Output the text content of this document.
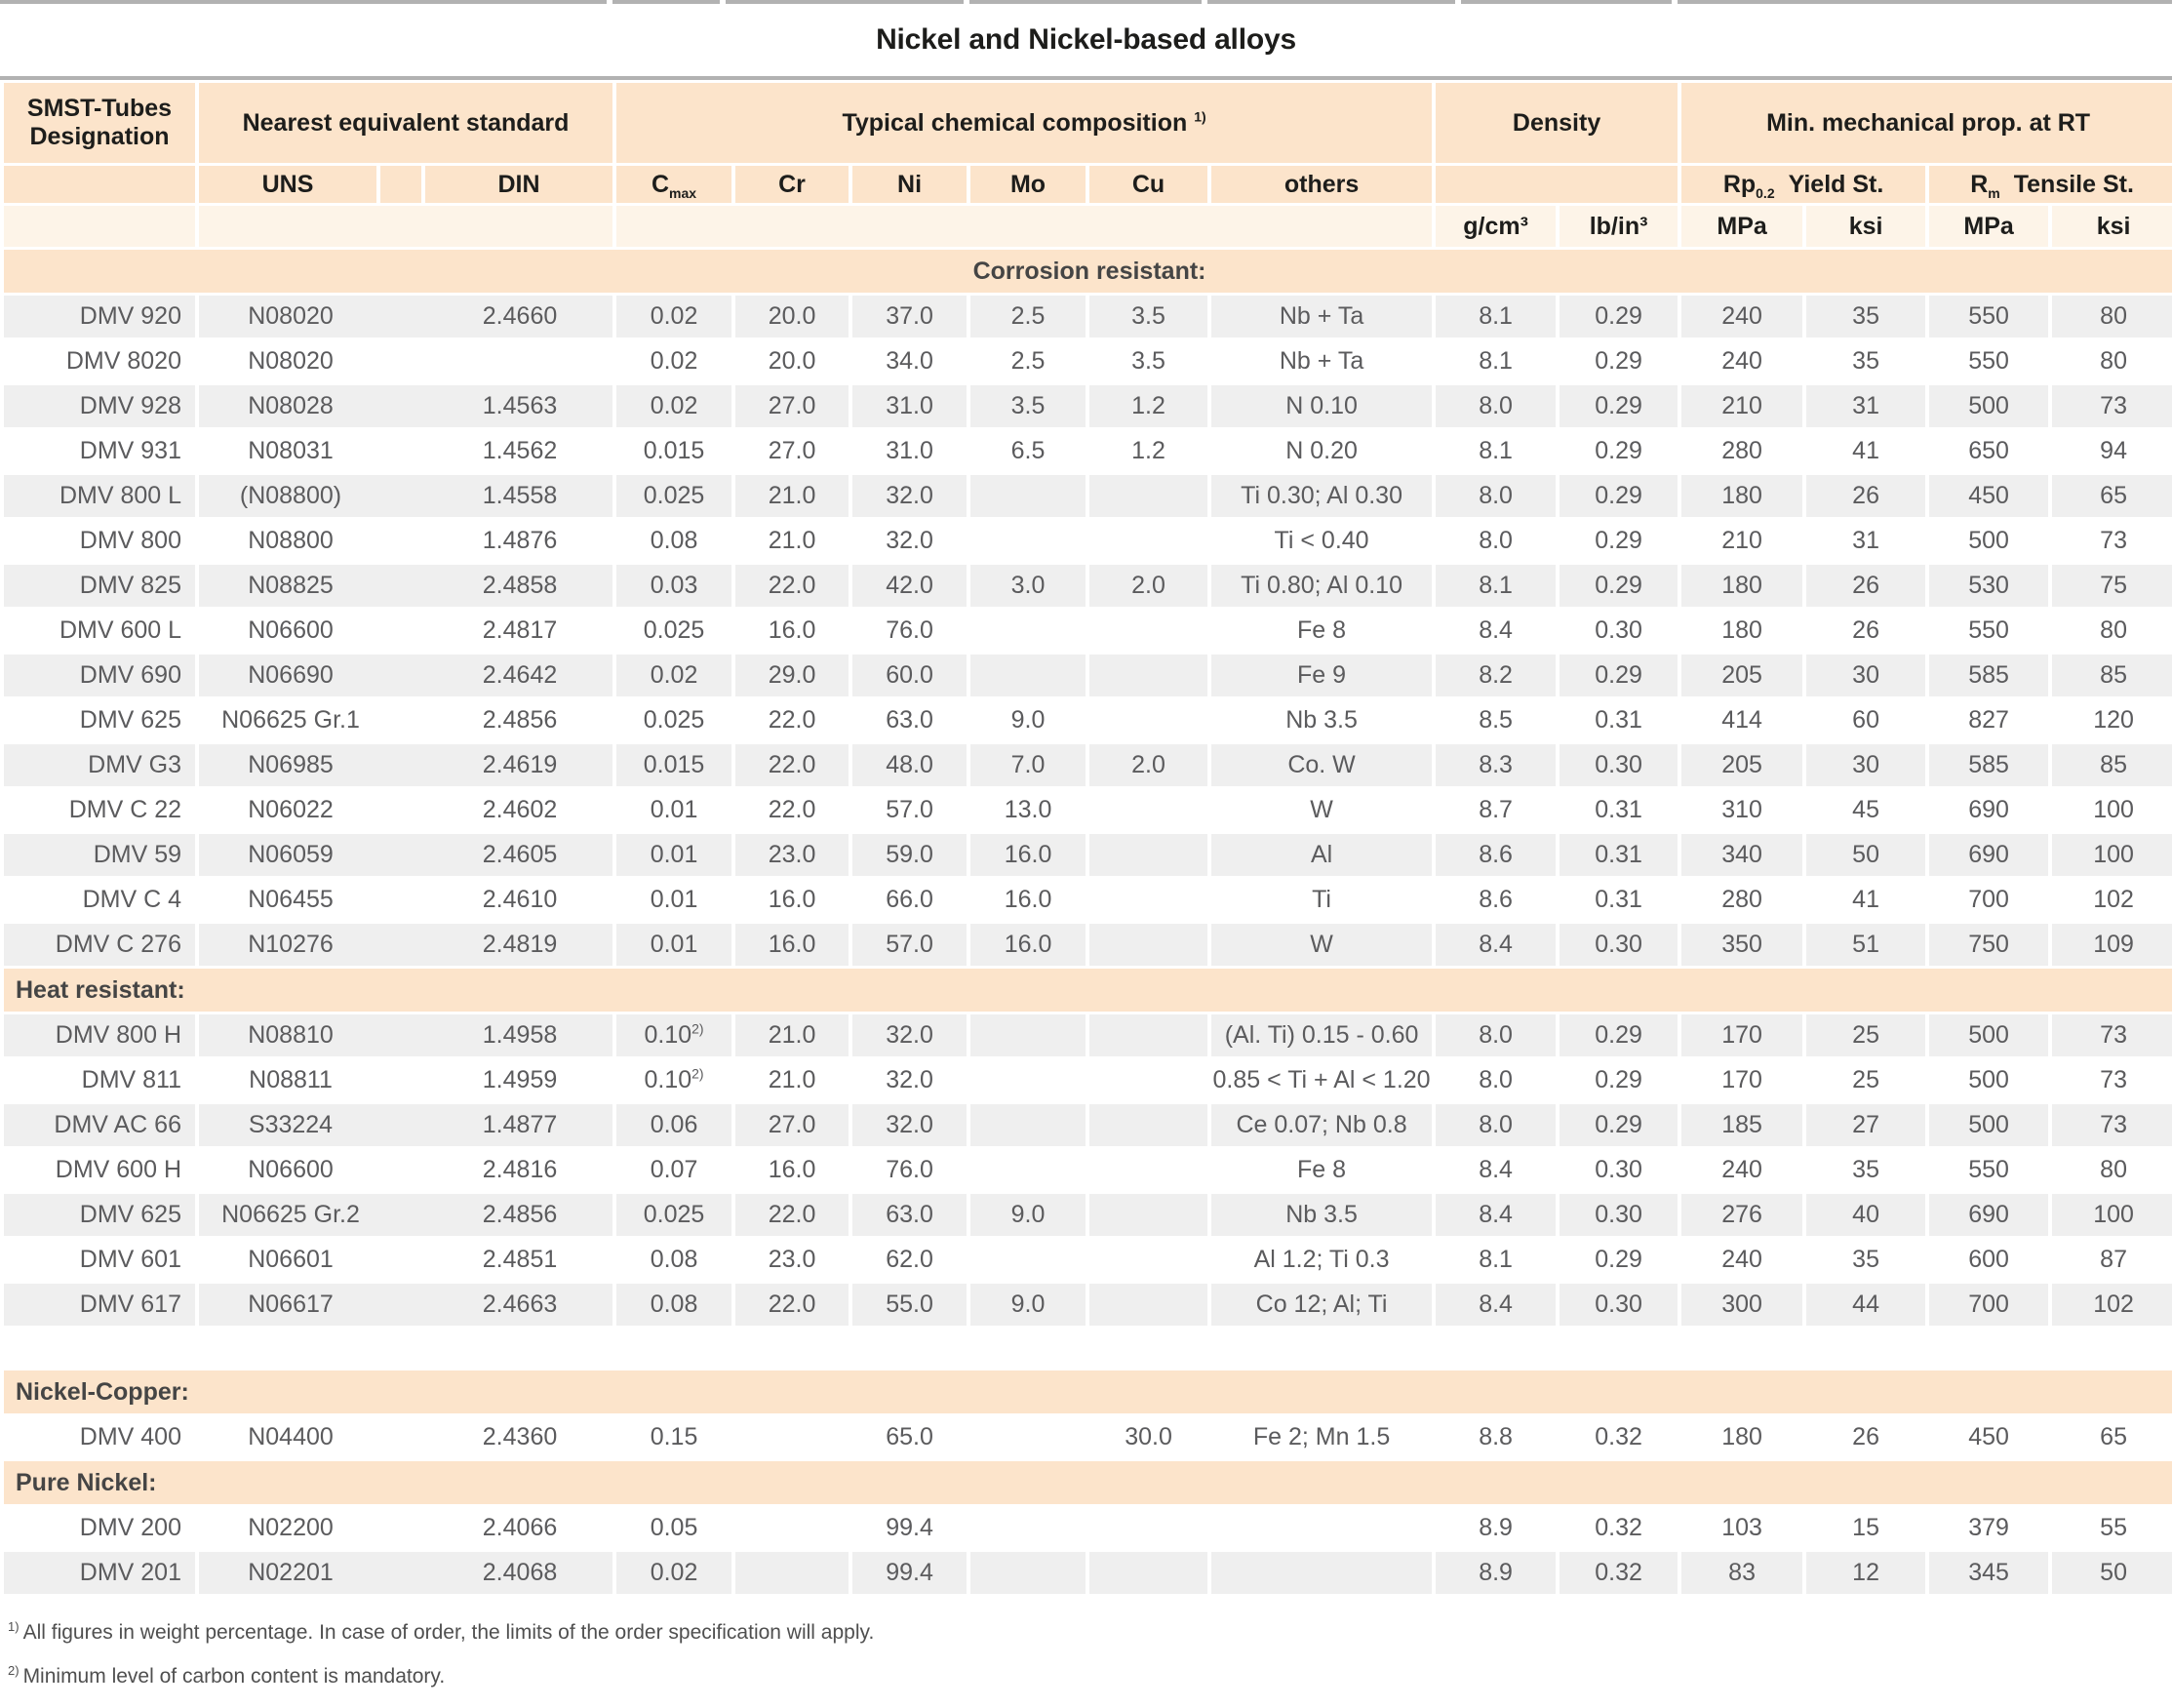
Nickel and Nickel-based alloys
SMST-Tubes
Designation	Nearest equivalent standard			Typical chemical composition $^{1)}$						Density		Min. mechanical prop. at RT			
	UNS		DIN	$C_{max}$	Cr	Ni	Mo	Cu	others			$Rp_{0.2}$ Yield St.		$R_m$ Tensile St.	
										g/cm³	lb/in³	MPa	ksi	MPa	ksi
Corrosion resistant:															
DMV 920	N08020 2.4660			0.02	20.0	37.0	2.5	3.5	Nb + Ta	8.1	0.29	240	35	550	80
DMV 8020	N08020			0.02	20.0	34.0	2.5	3.5	Nb + Ta	8.1	0.29	240	35	550	80
DMV 928	N08028 1.4563			0.02	27.0	31.0	3.5	1.2	N 0.10	8.0	0.29	210	31	500	73
DMV 931	N08031 1.4562			0.015	27.0	31.0	6.5	1.2	N 0.20	8.1	0.29	280	41	650	94
DMV 800 L	(N08800) 1.4558			0.025	21.0	32.0			Ti 0.30; Al 0.30	8.0	0.29	180	26	450	65
DMV 800	N08800 1.4876			0.08	21.0	32.0			Ti < 0.40	8.0	0.29	210	31	500	73
DMV 825	N08825 2.4858			0.03	22.0	42.0	3.0	2.0	Ti 0.80; Al 0.10	8.1	0.29	180	26	530	75
DMV 600 L	N06600 2.4817			0.025	16.0	76.0			Fe 8	8.4	0.30	180	26	550	80
DMV 690	N06690 2.4642			0.02	29.0	60.0			Fe 9	8.2	0.29	205	30	585	85
DMV 625	N06625 Gr.1 2.4856			0.025	22.0	63.0	9.0		Nb 3.5	8.5	0.31	414	60	827	120
DMV G3	N06985 2.4619			0.015	22.0	48.0	7.0	2.0	Co. W	8.3	0.30	205	30	585	85
DMV C 22	N06022 2.4602			0.01	22.0	57.0	13.0		W	8.7	0.31	310	45	690	100
DMV 59	N06059 2.4605			0.01	23.0	59.0	16.0		Al	8.6	0.31	340	50	690	100
DMV C 4	N06455 2.4610			0.01	16.0	66.0	16.0		Ti	8.6	0.31	280	41	700	102
DMV C 276	N10276 2.4819			0.01	16.0	57.0	16.0		W	8.4	0.30	350	51	750	109
Heat resistant:															
DMV 800 H	N08810 1.4958			0.10$^{2)}$	21.0	32.0			(Al. Ti) 0.15 - 0.60	8.0	0.29	170	25	500	73
DMV 811	N08811 1.4959			0.10$^{2)}$	21.0	32.0			0.85 < Ti + Al < 1.20	8.0	0.29	170	25	500	73
DMV AC 66	S33224 1.4877			0.06	27.0	32.0			Ce 0.07; Nb 0.8	8.0	0.29	185	27	500	73
DMV 600 H	N06600 2.4816			0.07	16.0	76.0			Fe 8	8.4	0.30	240	35	550	80
DMV 625	N06625 Gr.2 2.4856			0.025	22.0	63.0	9.0		Nb 3.5	8.4	0.30	276	40	690	100
DMV 601	N06601 2.4851			0.08	23.0	62.0			Al 1.2; Ti 0.3	8.1	0.29	240	35	600	87
DMV 617	N06617 2.4663			0.08	22.0	55.0	9.0		Co 12; Al; Ti	8.4	0.30	300	44	700	102

Nickel-Copper:															
DMV 400	N04400 2.4360			0.15		65.0		30.0	Fe 2; Mn 1.5	8.8	0.32	180	26	450	65
Pure Nickel:															
DMV 200	N02200 2.4066			0.05		99.4				8.9	0.32	103	15	379	55
DMV 201	N02201 2.4068			0.02		99.4				8.9	0.32	83	12	345	50

$^{1)}$ All figures in weight percentage. In case of order, the limits of the order specification will apply.

$^{2)}$ Minimum level of carbon content is mandatory.
